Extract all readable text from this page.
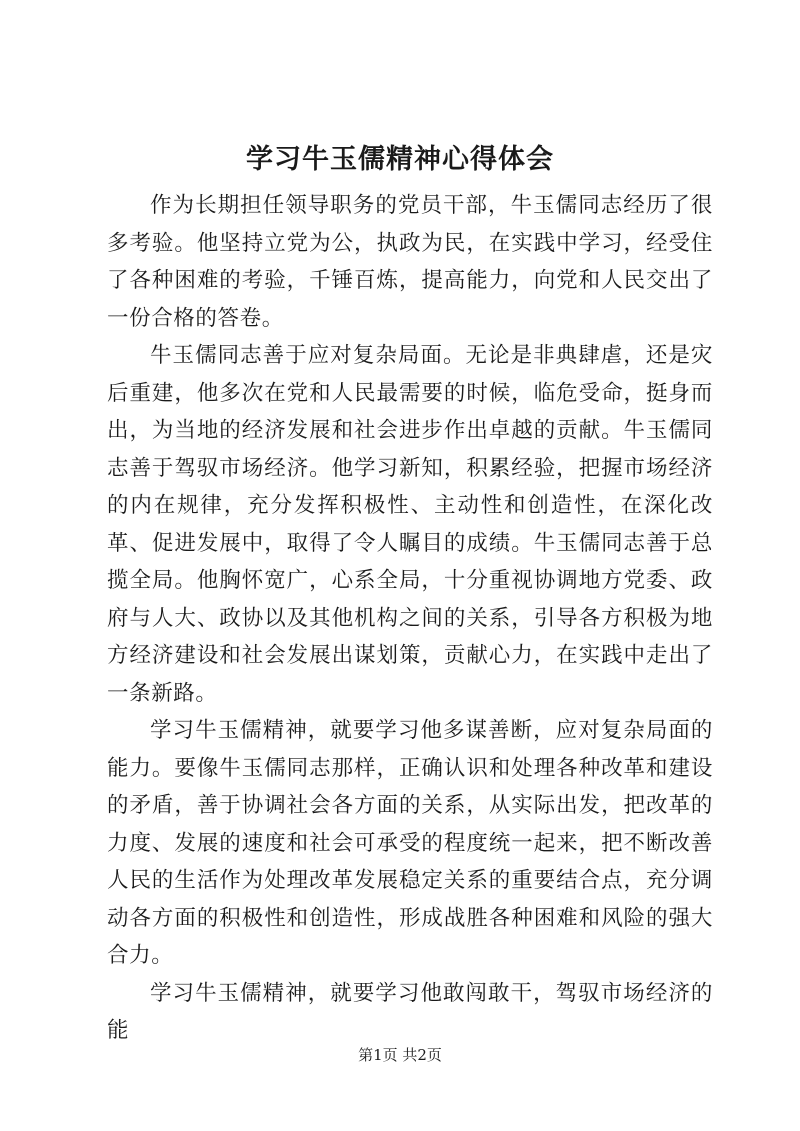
学习牛玉儒精神心得体会

作为长期担任领导职务的党员干部，牛玉儒同志经历了很多考验。他坚持立党为公，执政为民，在实践中学习，经受住了各种困难的考验，千锤百炼，提高能力，向党和人民交出了一份合格的答卷。

牛玉儒同志善于应对复杂局面。无论是非典肆虐，还是灾后重建，他多次在党和人民最需要的时候，临危受命，挺身而出，为当地的经济发展和社会进步作出卓越的贡献。牛玉儒同志善于驾驭市场经济。他学习新知，积累经验，把握市场经济的内在规律，充分发挥积极性、主动性和创造性，在深化改革、促进发展中，取得了令人瞩目的成绩。牛玉儒同志善于总揽全局。他胸怀宽广，心系全局，十分重视协调地方党委、政府与人大、政协以及其他机构之间的关系，引导各方积极为地方经济建设和社会发展出谋划策，贡献心力，在实践中走出了一条新路。

学习牛玉儒精神，就要学习他多谋善断，应对复杂局面的能力。要像牛玉儒同志那样，正确认识和处理各种改革和建设的矛盾，善于协调社会各方面的关系，从实际出发，把改革的力度、发展的速度和社会可承受的程度统一起来，把不断改善人民的生活作为处理改革发展稳定关系的重要结合点，充分调动各方面的积极性和创造性，形成战胜各种困难和风险的强大合力。

学习牛玉儒精神，就要学习他敢闯敢干，驾驭市场经济的能

第1页 共2页
